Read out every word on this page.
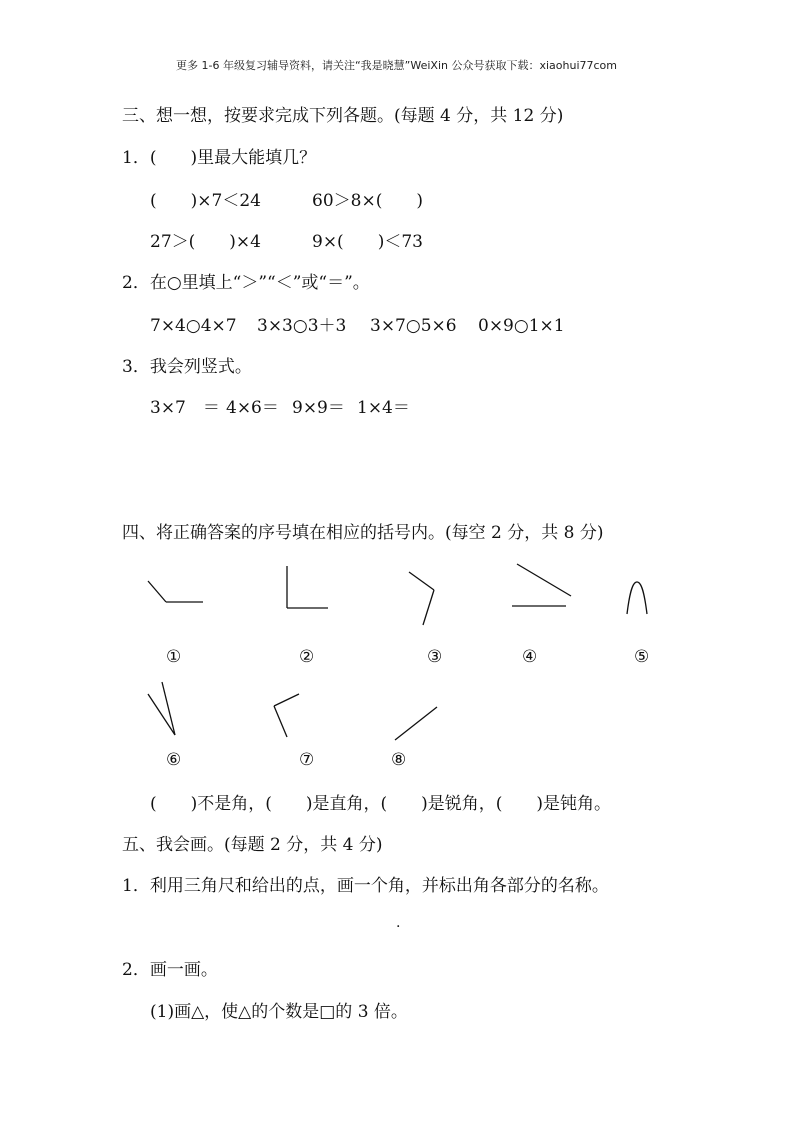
更多 1-6 年级复习辅导资料，请关注“我是晓慧”WeiXin 公众号获取下载：xiaohui77com
三、想一想，按要求完成下列各题。(每题 4 分，共 12 分)
1．(　　)里最大能填几？
(　　)×7＜24	60＞8×(　　)
27＞(　　)×4	9×(　　)＜73
2．在○里填上“＞”“＜”或“＝”。
7×4○4×7 3×3○3＋3 3×7○5×6 0×9○1×1
3．我会列竖式。
3×7　＝ 4×6＝ 9×9＝ 1×4＝
四、将正确答案的序号填在相应的括号内。(每空 2 分，共 8 分)
①	②	③	④	⑤
⑥	⑦	⑧
(　　)不是角，(　　)是直角，(　　)是锐角，(　　)是钝角。
五、我会画。(每题 2 分，共 4 分)
1．利用三角尺和给出的点，画一个角，并标出角各部分的名称。
.
2．画一画。
(1)画△，使△的个数是□的 3 倍。
